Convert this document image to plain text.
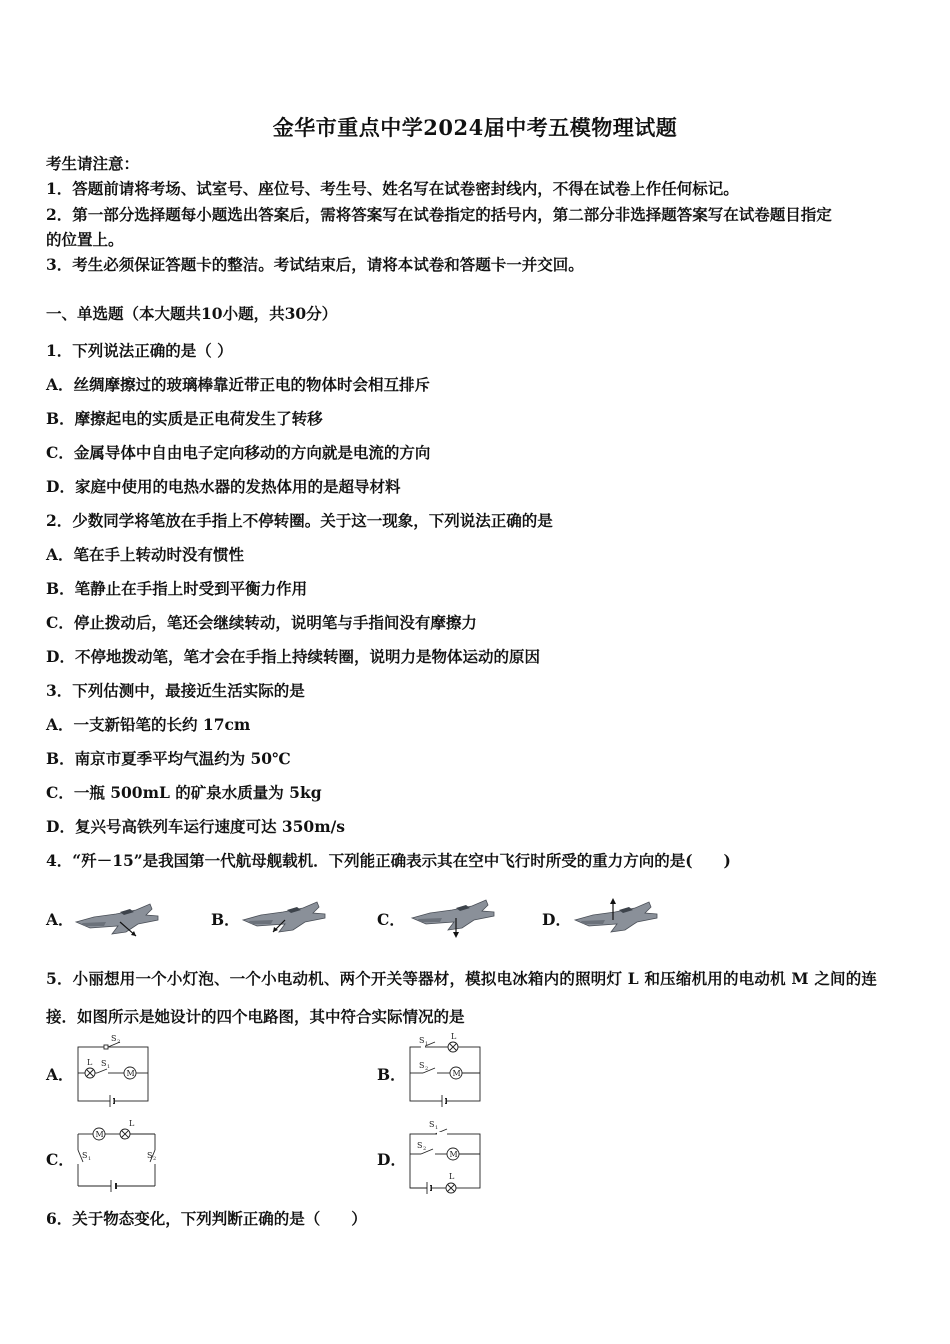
金华市重点中学2024届中考五模物理试题
考生请注意：
1．答题前请将考场、试室号、座位号、考生号、姓名写在试卷密封线内，不得在试卷上作任何标记。
2．第一部分选择题每小题选出答案后，需将答案写在试卷指定的括号内，第二部分非选择题答案写在试卷题目指定
的位置上。
3．考生必须保证答题卡的整洁。考试结束后，请将本试卷和答题卡一并交回。
一、单选题（本大题共10小题，共30分）
1．下列说法正确的是（ ）
A．丝绸摩擦过的玻璃棒靠近带正电的物体时会相互排斥
B．摩擦起电的实质是正电荷发生了转移
C．金属导体中自由电子定向移动的方向就是电流的方向
D．家庭中使用的电热水器的发热体用的是超导材料
2．少数同学将笔放在手指上不停转圈。关于这一现象，下列说法正确的是
A．笔在手上转动时没有惯性
B．笔静止在手指上时受到平衡力作用
C．停止拨动后，笔还会继续转动，说明笔与手指间没有摩擦力
D．不停地拨动笔，笔才会在手指上持续转圈，说明力是物体运动的原因
3．下列估测中，最接近生活实际的是
A．一支新铅笔的长约 17cm
B．南京市夏季平均气温约为 50℃
C．一瓶 500mL 的矿泉水质量为 5kg
D．复兴号高铁列车运行速度可达 350m/s
4．“歼－15”是我国第一代航母舰载机．下列能正确表示其在空中飞行时所受的重力方向的是(　　)
A．	B．	C．	D．
5．小丽想用一个小灯泡、一个小电动机、两个开关等器材，模拟电冰箱内的照明灯 L 和压缩机用的电动机 M 之间的连
接．如图所示是她设计的四个电路图，其中符合实际情况的是
A．
S 2
L S 1
M	B．
S 1
L
S 2	M
C．
M
L
S 1	S 2	D．
S 1
S 2
M
L
6．关于物态变化，下列判断正确的是（　　）
